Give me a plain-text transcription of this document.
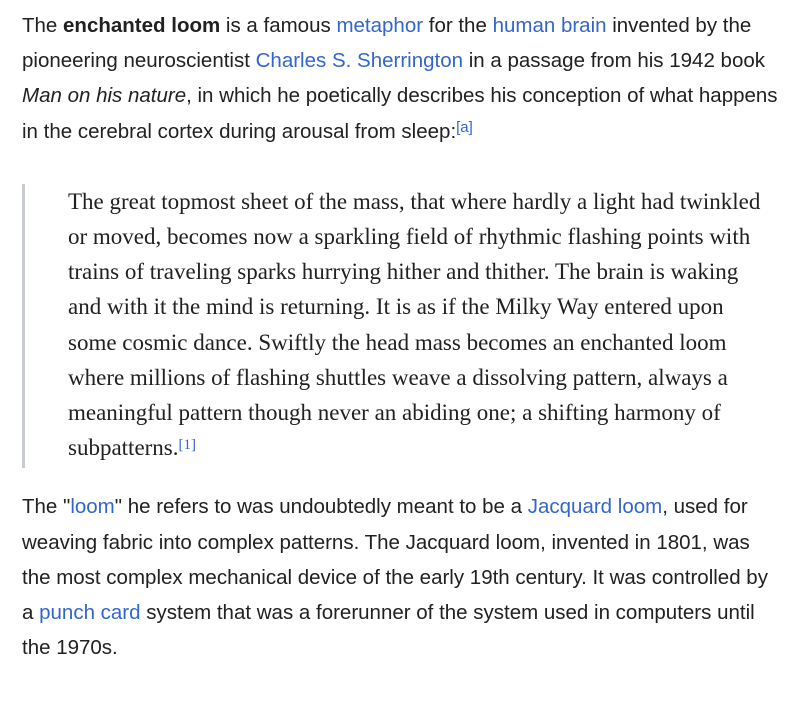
The enchanted loom is a famous metaphor for the human brain invented by the pioneering neuroscientist Charles S. Sherrington in a passage from his 1942 book Man on his nature, in which he poetically describes his conception of what happens in the cerebral cortex during arousal from sleep:[a]

The great topmost sheet of the mass, that where hardly a light had twinkled or moved, becomes now a sparkling field of rhythmic flashing points with trains of traveling sparks hurrying hither and thither. The brain is waking and with it the mind is returning. It is as if the Milky Way entered upon some cosmic dance. Swiftly the head mass becomes an enchanted loom where millions of flashing shuttles weave a dissolving pattern, always a meaningful pattern though never an abiding one; a shifting harmony of subpatterns.[1]

The "loom" he refers to was undoubtedly meant to be a Jacquard loom, used for weaving fabric into complex patterns. The Jacquard loom, invented in 1801, was the most complex mechanical device of the early 19th century. It was controlled by a punch card system that was a forerunner of the system used in computers until the 1970s.
